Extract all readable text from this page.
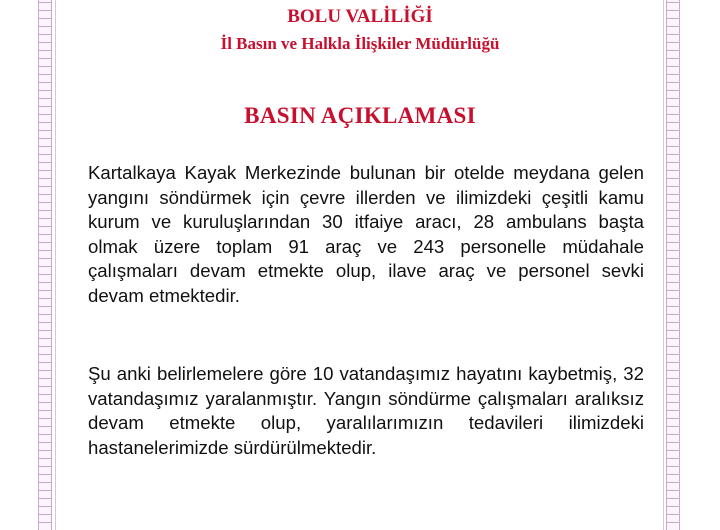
BOLU VALİLİĞİ
İl Basın ve Halkla İlişkiler Müdürlüğü
BASIN AÇIKLAMASI

Kartalkaya Kayak Merkezinde bulunan bir otelde meydana gelen yangını söndürmek için çevre illerden ve ilimizdeki çeşitli kamu kurum ve kuruluşlarından 30 itfaiye aracı, 28 ambulans başta olmak üzere toplam 91 araç ve 243 personelle müdahale çalışmaları devam etmekte olup, ilave araç ve personel sevki devam etmektedir.

Şu anki belirlemelere göre 10 vatandaşımız hayatını kaybetmiş, 32 vatandaşımız yaralanmıştır. Yangın söndürme çalışmaları aralıksız devam etmekte olup, yaralılarımızın tedavileri ilimizdeki hastanelerimizde sürdürülmektedir.
